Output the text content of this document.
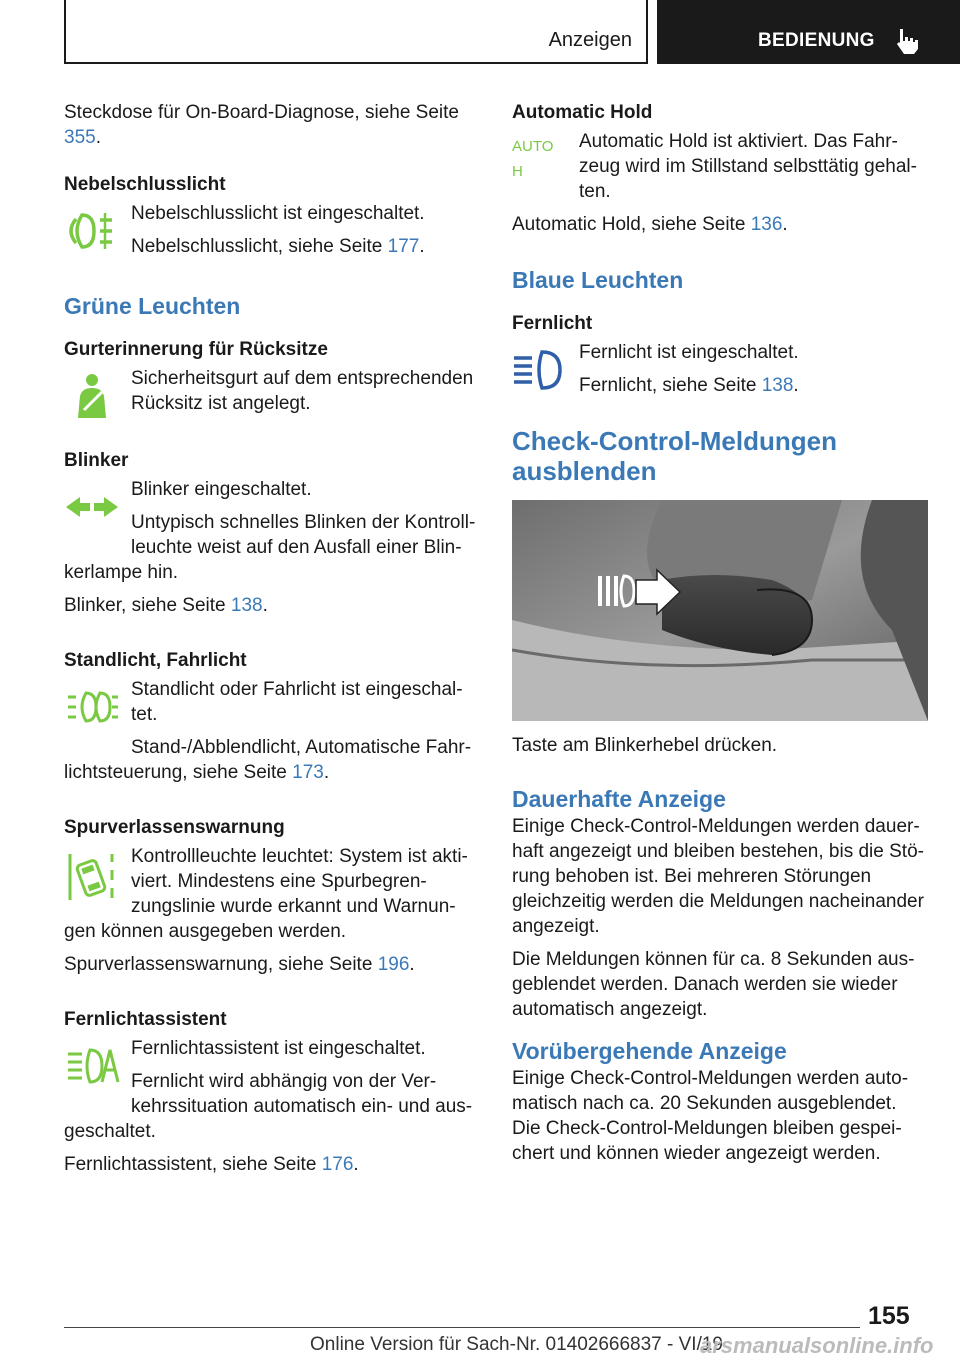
Anzeigen	BEDIENUNG

Steckdose für On-Board-Diagnose, siehe Seite 355.

Nebelschlusslicht

Nebelschlusslicht ist eingeschaltet.

Nebelschlusslicht, siehe Seite 177.

Grüne Leuchten
Gurterinnerung für Rücksitze

Sicherheitsgurt auf dem entsprechenden Rücksitz ist angelegt.

Blinker

Blinker eingeschaltet.

Untypisch schnelles Blinken der Kontroll-

leuchte weist auf den Ausfall einer Blin-

kerlampe hin.

Blinker, siehe Seite 138.

Standlicht, Fahrlicht

Standlicht oder Fahrlicht ist eingeschal-tet.

Stand-/Abblendlicht, Automatische Fahr-

lichtsteuerung, siehe Seite 173.

Spurverlassenswarnung

Kontrollleuchte leuchtet: System ist akti-

viert. Mindestens eine Spurbegren-

zungslinie wurde erkannt und Warnun-

gen können ausgegeben werden.

Spurverlassenswarnung, siehe Seite 196.

Fernlichtassistent

Fernlichtassistent ist eingeschaltet.

Fernlicht wird abhängig von der Ver-

kehrssituation automatisch ein- und aus-

geschaltet.

Fernlichtassistent, siehe Seite 176.

Automatic Hold
AUTO H

Automatic Hold ist aktiviert. Das Fahr-zeug wird im Stillstand selbsttätig gehal-ten.

Automatic Hold, siehe Seite 136.

Blaue Leuchten
Fernlicht

Fernlicht ist eingeschaltet.

Fernlicht, siehe Seite 138.

Check-Control-Meldungen
ausblenden

Taste am Blinkerhebel drücken.

Dauerhafte Anzeige

Einige Check-Control-Meldungen werden dauer-haft angezeigt und bleiben bestehen, bis die Stö-rung behoben ist. Bei mehreren Störungen gleichzeitig werden die Meldungen nacheinander angezeigt.

Die Meldungen können für ca. 8 Sekunden aus-geblendet werden. Danach werden sie wieder automatisch angezeigt.

Vorübergehende Anzeige

Einige Check-Control-Meldungen werden auto-matisch nach ca. 20 Sekunden ausgeblendet. Die Check-Control-Meldungen bleiben gespei-chert und können wieder angezeigt werden.

155
Online Version für Sach-Nr. 01402666837 - VI/19
arsmanualsonline.info
